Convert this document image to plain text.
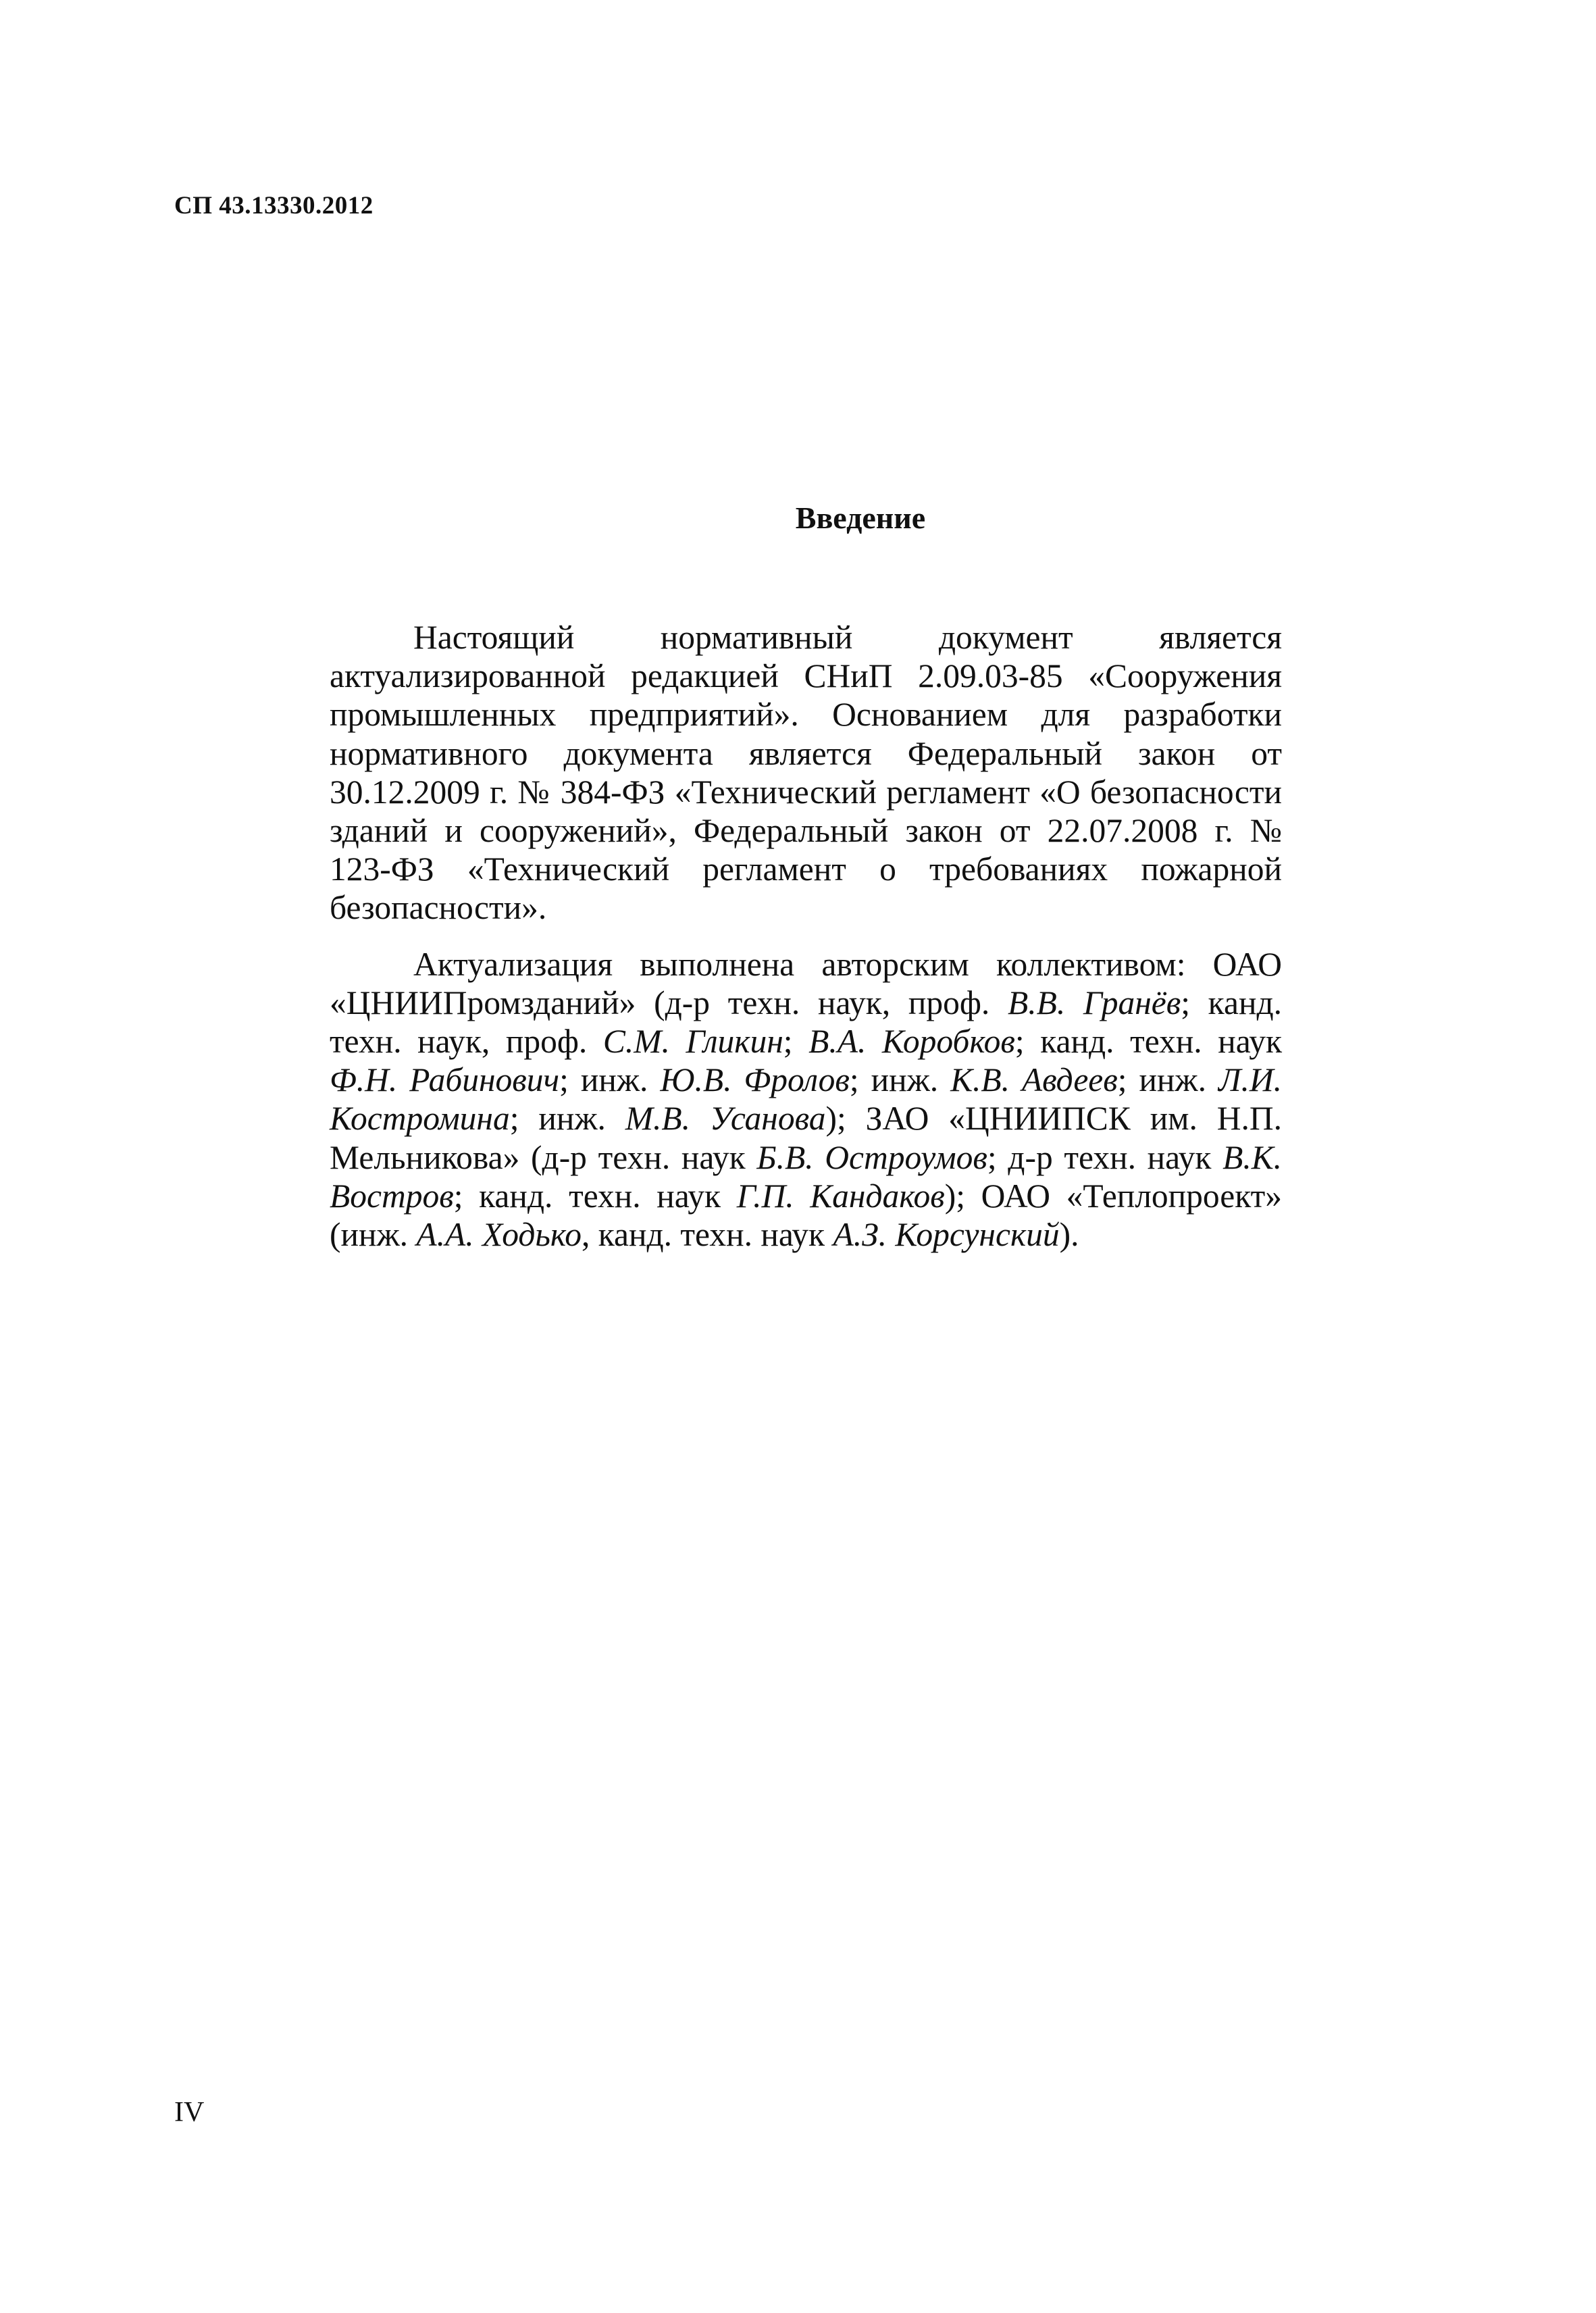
СП 43.13330.2012

Введение

Настоящий нормативный документ является актуализированной редакцией СНиП 2.09.03-85 «Сооружения промышленных предприятий». Основанием для разработки нормативного документа является Федеральный закон от 30.12.2009 г. № 384-ФЗ «Технический регламент «О безопасности зданий и сооружений», Федеральный закон от 22.07.2008 г. № 123-ФЗ «Технический регламент о требованиях пожарной безопасности».

Актуализация выполнена авторским коллективом: ОАО «ЦНИИПромзданий» (д-р техн. наук, проф. В.В. Гранёв; канд. техн. наук, проф. С.М. Гликин; В.А. Коробков; канд. техн. наук Ф.Н. Рабинович; инж. Ю.В. Фролов; инж. К.В. Авдеев; инж. Л.И. Костромина; инж. М.В. Усанова); ЗАО «ЦНИИПСК им. Н.П. Мельникова» (д-р техн. наук Б.В. Остроумов; д-р техн. наук В.К. Востров; канд. техн. наук Г.П. Кандаков); ОАО «Теплопроект» (инж. А.А. Ходько, канд. техн. наук А.З. Корсунский).

IV
